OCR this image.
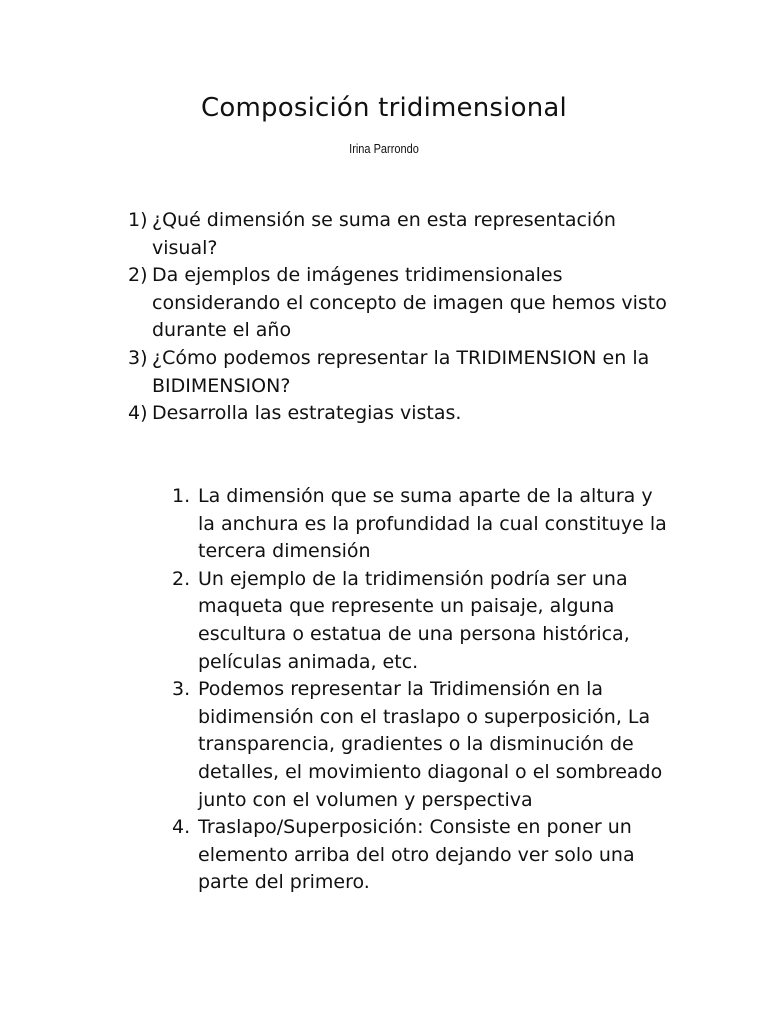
Composición tridimensional
Irina Parrondo
1) ¿Qué dimensión se suma en esta representación visual?
2) Da ejemplos de imágenes tridimensionales considerando el concepto de imagen que hemos visto durante el año
3) ¿Cómo podemos representar la TRIDIMENSION en la BIDIMENSION?
4) Desarrolla las estrategias vistas.
1. La dimensión que se suma aparte de la altura y la anchura es la profundidad la cual constituye la tercera dimensión
2. Un ejemplo de la tridimensión podría ser una maqueta que represente un paisaje, alguna escultura o estatua de una persona histórica, películas animada, etc.
3. Podemos representar la Tridimensión en la bidimensión con el traslapo o superposición, La transparencia, gradientes o la disminución de detalles, el movimiento diagonal o el sombreado junto con el volumen y perspectiva
4. Traslapo/Superposición: Consiste en poner un elemento arriba del otro dejando ver solo una parte del primero.
